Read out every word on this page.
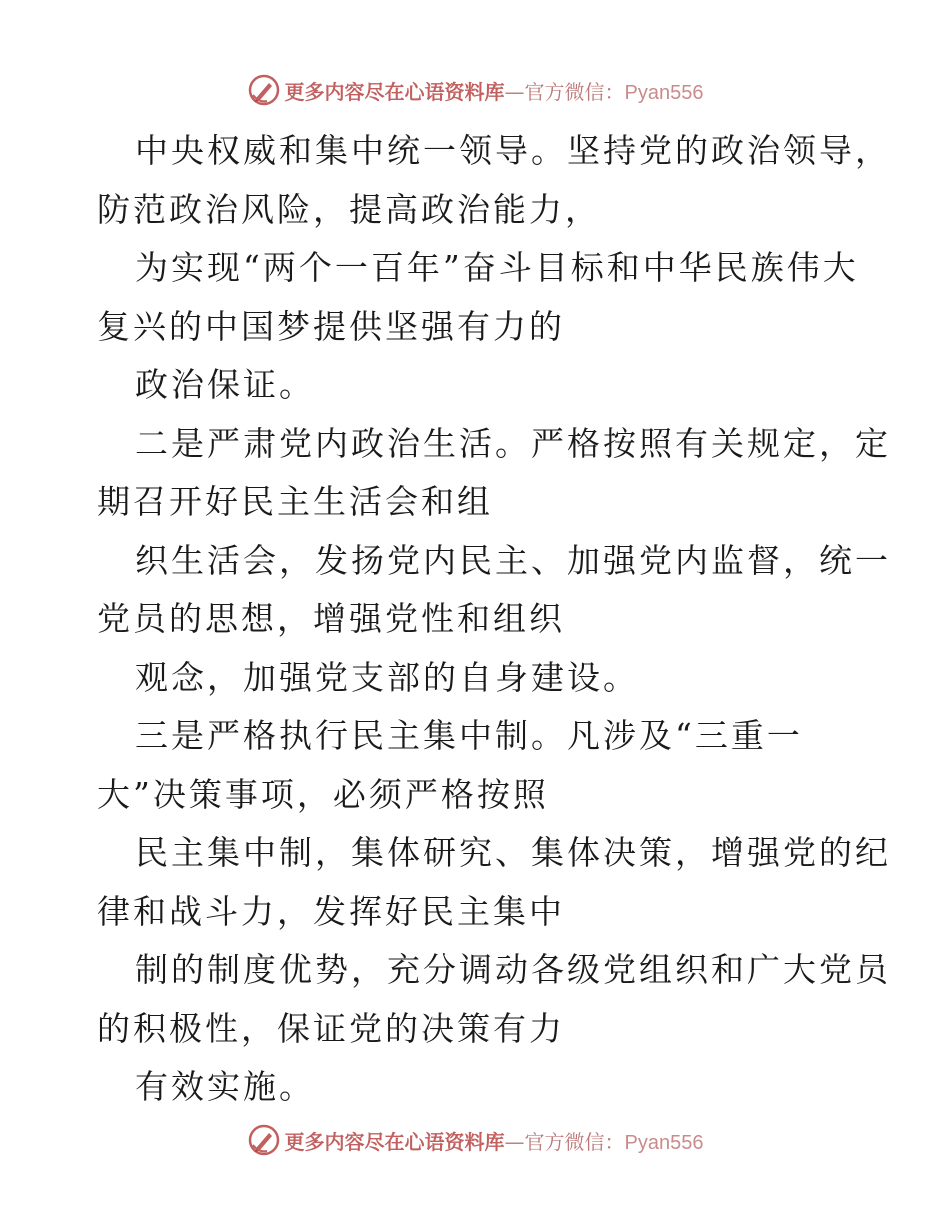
更多内容尽在心语资料库—官方微信：Pyan556
中央权威和集中统一领导。坚持党的政治领导，
防范政治风险，提高政治能力，
为实现“两个一百年”奋斗目标和中华民族伟大
复兴的中国梦提供坚强有力的
政治保证。
二是严肃党内政治生活。严格按照有关规定，定
期召开好民主生活会和组
织生活会，发扬党内民主、加强党内监督，统一
党员的思想，增强党性和组织
观念，加强党支部的自身建设。
三是严格执行民主集中制。凡涉及“三重一
大”决策事项，必须严格按照
民主集中制，集体研究、集体决策，增强党的纪
律和战斗力，发挥好民主集中
制的制度优势，充分调动各级党组织和广大党员
的积极性，保证党的决策有力
有效实施。
更多内容尽在心语资料库—官方微信：Pyan556
